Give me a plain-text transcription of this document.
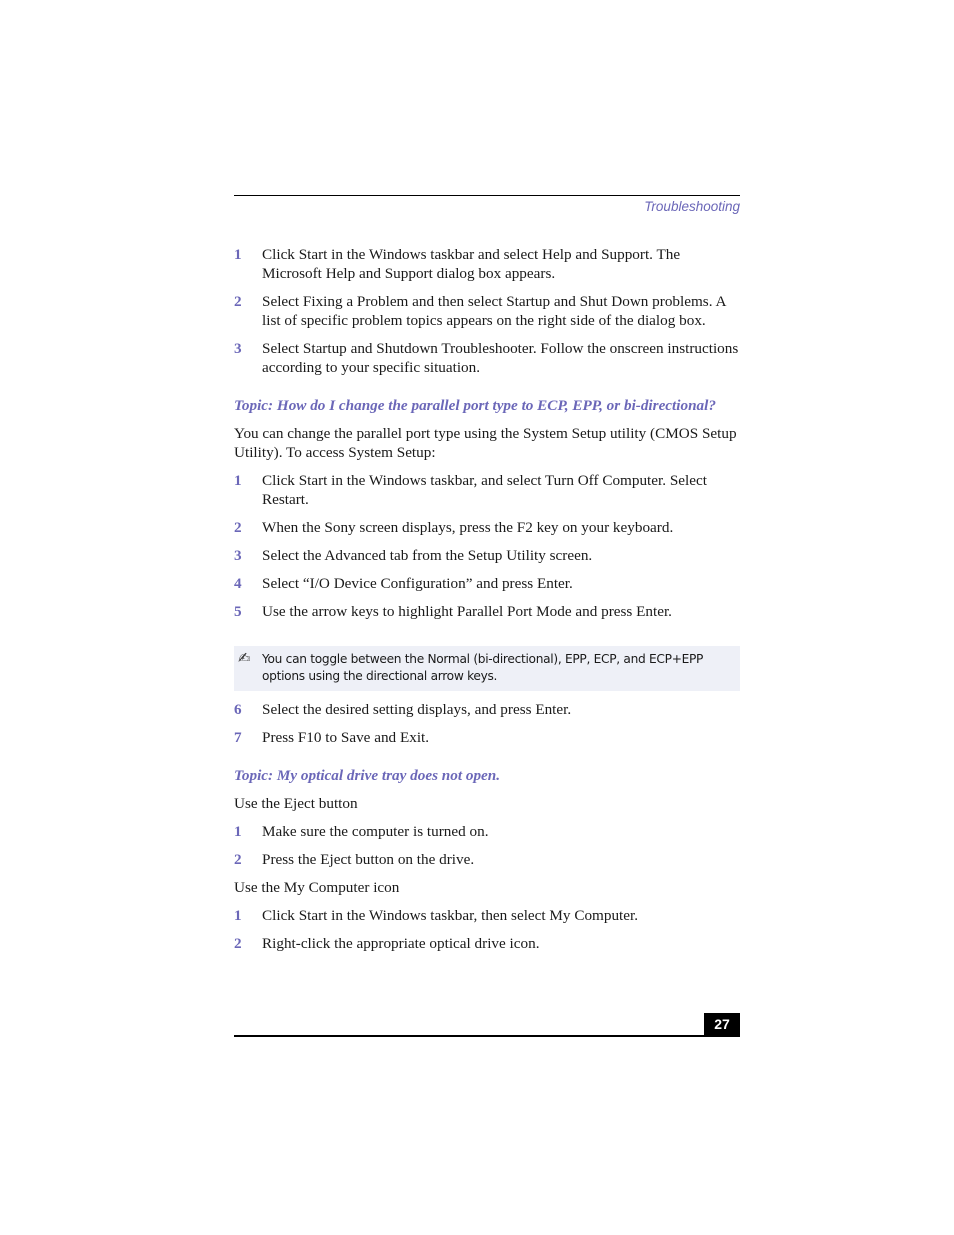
Troubleshooting
1	Click Start in the Windows taskbar and select Help and Support. The Microsoft Help and Support dialog box appears.
2	Select Fixing a Problem and then select Startup and Shut Down problems. A list of specific problem topics appears on the right side of the dialog box.
3	Select Startup and Shutdown Troubleshooter. Follow the onscreen instructions according to your specific situation.
Topic: How do I change the parallel port type to ECP, EPP, or bi-directional?
You can change the parallel port type using the System Setup utility (CMOS Setup Utility). To access System Setup:
1	Click Start in the Windows taskbar, and select Turn Off Computer. Select Restart.
2	When the Sony screen displays, press the F2 key on your keyboard.
3	Select the Advanced tab from the Setup Utility screen.
4	Select “I/O Device Configuration” and press Enter.
5	Use the arrow keys to highlight Parallel Port Mode and press Enter.
✍ You can toggle between the Normal (bi-directional), EPP, ECP, and ECP+EPP options using the directional arrow keys.
6	Select the desired setting displays, and press Enter.
7	Press F10 to Save and Exit.
Topic: My optical drive tray does not open.
Use the Eject button
1	Make sure the computer is turned on.
2	Press the Eject button on the drive.
Use the My Computer icon
1	Click Start in the Windows taskbar, then select My Computer.
2	Right-click the appropriate optical drive icon.
27
